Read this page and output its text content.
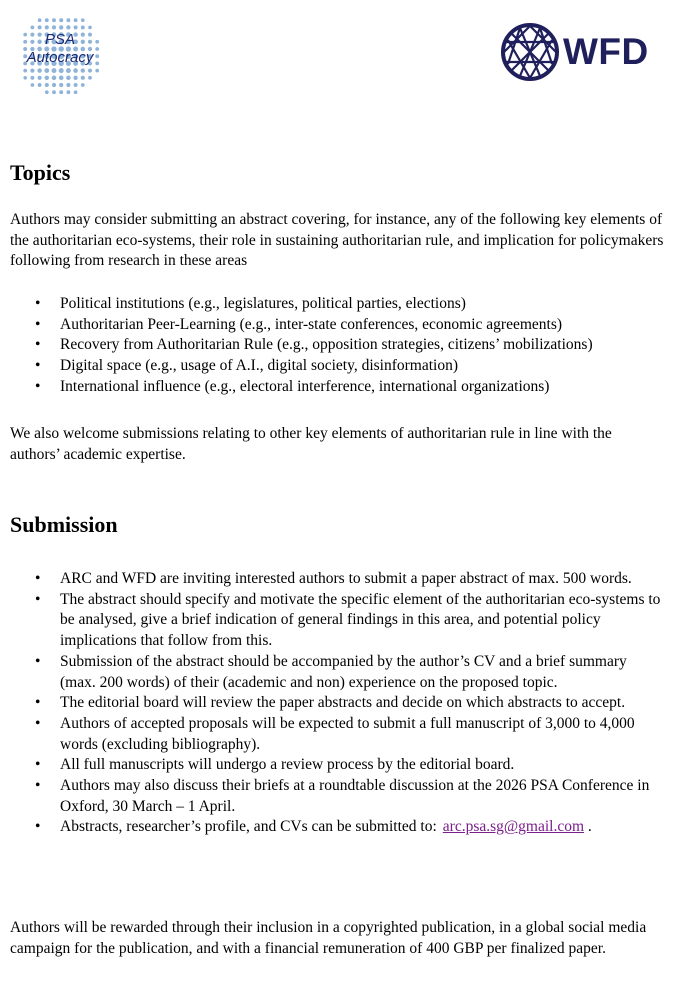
PSA
Autocracy	WFD
Topics

Authors may consider submitting an abstract covering, for instance, any of the following key elements of the authoritarian eco-systems, their role in sustaining authoritarian rule, and implication for policymakers following from research in these areas

• Political institutions (e.g., legislatures, political parties, elections)
• Authoritarian Peer-Learning (e.g., inter-state conferences, economic agreements)
• Recovery from Authoritarian Rule (e.g., opposition strategies, citizens’ mobilizations)
• Digital space (e.g., usage of A.I., digital society, disinformation)
• International influence (e.g., electoral interference, international organizations)

We also welcome submissions relating to other key elements of authoritarian rule in line with the authors’ academic expertise.

Submission
• ARC and WFD are inviting interested authors to submit a paper abstract of max. 500 words.
• The abstract should specify and motivate the specific element of the authoritarian eco-systems to be analysed, give a brief indication of general findings in this area, and potential policy implications that follow from this.
• Submission of the abstract should be accompanied by the author’s CV and a brief summary (max. 200 words) of their (academic and non) experience on the proposed topic.
• The editorial board will review the paper abstracts and decide on which abstracts to accept.
• Authors of accepted proposals will be expected to submit a full manuscript of 3,000 to 4,000 words (excluding bibliography).
• All full manuscripts will undergo a review process by the editorial board.
• Authors may also discuss their briefs at a roundtable discussion at the 2026 PSA Conference in Oxford, 30 March – 1 April.
• Abstracts, researcher’s profile, and CVs can be submitted to: arc.psa.sg@gmail.com .

Authors will be rewarded through their inclusion in a copyrighted publication, in a global social media campaign for the publication, and with a financial remuneration of 400 GBP per finalized paper.
